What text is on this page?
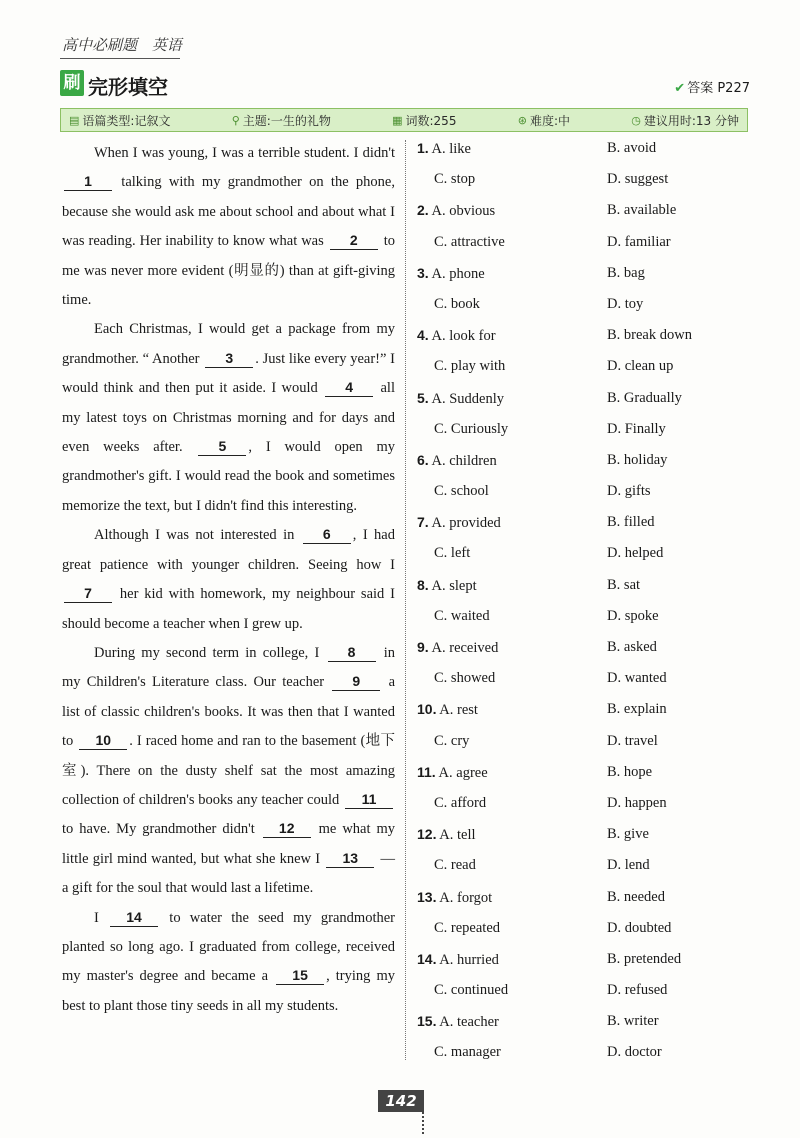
高中必刷题 英语
刷 完形填空	✔ 答案 P227
▤ 语篇类型:记叙文	⚲ 主题:一生的礼物	▦ 词数:255	⊛ 难度:中	◷ 建议用时:13 分钟

When I was young, I was a terrible student. I didn't 1 talking with my grandmother on the phone, because she would ask me about school and about what I was reading. Her inability to know what was 2 to me was never more evident (明显的) than at gift-giving time.

Each Christmas, I would get a package from my grandmother. “ Another 3 . Just like every year!” I would think and then put it aside. I would 4 all my latest toys on Christmas morning and for days and even weeks after. 5 , I would open my grandmother's gift. I would read the book and sometimes memorize the text, but I didn't find this interesting.

Although I was not interested in 6 , I had great patience with younger children. Seeing how I 7 her kid with homework, my neighbour said I should become a teacher when I grew up.

During my second term in college, I 8 in my Children's Literature class. Our teacher 9 a list of classic children's books. It was then that I wanted to 10 . I raced home and ran to the basement (地下室). There on the dusty shelf sat the most amazing collection of children's books any teacher could 11 to have. My grandmother didn't 12 me what my little girl mind wanted, but what she knew I 13 —a gift for the soul that would last a lifetime.

I 14 to water the seed my grandmother planted so long ago. I graduated from college, received my master's degree and became a 15 , trying my best to plant those tiny seeds in all my students.

1. A. like	B. avoid
C. stop	D. suggest
2. A. obvious	B. available
C. attractive	D. familiar
3. A. phone	B. bag
C. book	D. toy
4. A. look for	B. break down
C. play with	D. clean up
5. A. Suddenly	B. Gradually
C. Curiously	D. Finally
6. A. children	B. holiday
C. school	D. gifts
7. A. provided	B. filled
C. left	D. helped
8. A. slept	B. sat
C. waited	D. spoke
9. A. received	B. asked
C. showed	D. wanted
10. A. rest	B. explain
C. cry	D. travel
11. A. agree	B. hope
C. afford	D. happen
12. A. tell	B. give
C. read	D. lend
13. A. forgot	B. needed
C. repeated	D. doubted
14. A. hurried	B. pretended
C. continued	D. refused
15. A. teacher	B. writer
C. manager	D. doctor
142
